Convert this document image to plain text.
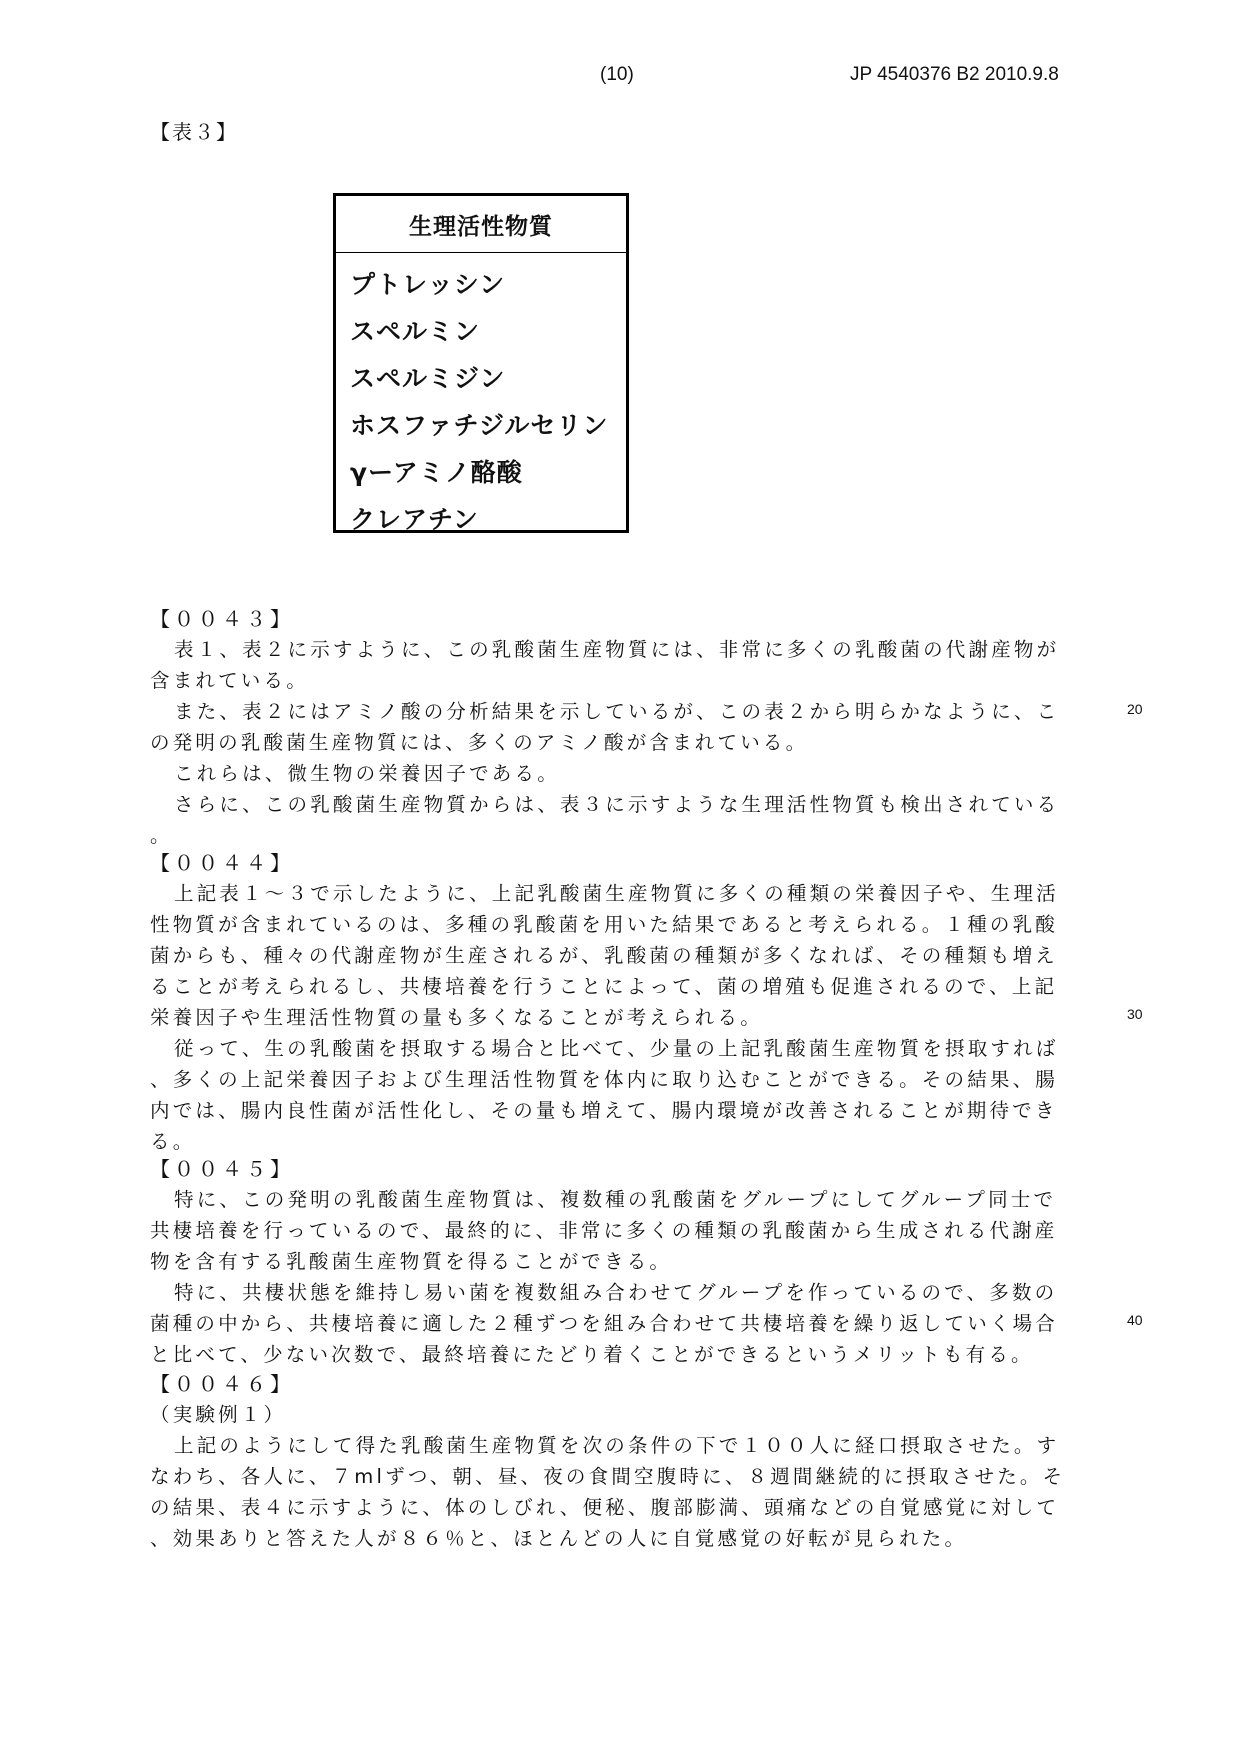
(10)	JP 4540376 B2 2010.9.8
【表３】
生理活性物質
プトレッシン
スペルミン
スペルミジン
ホスファチジルセリン
γーアミノ酪酸
クレアチン
【００４３】
表１、表２に示すように、この乳酸菌生産物質には、非常に多くの乳酸菌の代謝産物が
含まれている。
また、表２にはアミノ酸の分析結果を示しているが、この表２から明らかなように、こ
の発明の乳酸菌生産物質には、多くのアミノ酸が含まれている。
これらは、微生物の栄養因子である。
さらに、この乳酸菌生産物質からは、表３に示すような生理活性物質も検出されている
。
【００４４】
上記表１～３で示したように、上記乳酸菌生産物質に多くの種類の栄養因子や、生理活
性物質が含まれているのは、多種の乳酸菌を用いた結果であると考えられる。１種の乳酸
菌からも、種々の代謝産物が生産されるが、乳酸菌の種類が多くなれば、その種類も増え
ることが考えられるし、共棲培養を行うことによって、菌の増殖も促進されるので、上記
栄養因子や生理活性物質の量も多くなることが考えられる。
従って、生の乳酸菌を摂取する場合と比べて、少量の上記乳酸菌生産物質を摂取すれば
、多くの上記栄養因子および生理活性物質を体内に取り込むことができる。その結果、腸
内では、腸内良性菌が活性化し、その量も増えて、腸内環境が改善されることが期待でき
る。
【００４５】
特に、この発明の乳酸菌生産物質は、複数種の乳酸菌をグループにしてグループ同士で
共棲培養を行っているので、最終的に、非常に多くの種類の乳酸菌から生成される代謝産
物を含有する乳酸菌生産物質を得ることができる。
特に、共棲状態を維持し易い菌を複数組み合わせてグループを作っているので、多数の
菌種の中から、共棲培養に適した２種ずつを組み合わせて共棲培養を繰り返していく場合
と比べて、少ない次数で、最終培養にたどり着くことができるというメリットも有る。
【００４６】
（実験例１）
上記のようにして得た乳酸菌生産物質を次の条件の下で１００人に経口摂取させた。す
なわち、各人に、７mlずつ、朝、昼、夜の食間空腹時に、８週間継続的に摂取させた。そ
の結果、表４に示すように、体のしびれ、便秘、腹部膨満、頭痛などの自覚感覚に対して
、効果ありと答えた人が８６％と、ほとんどの人に自覚感覚の好転が見られた。
20
30
40
